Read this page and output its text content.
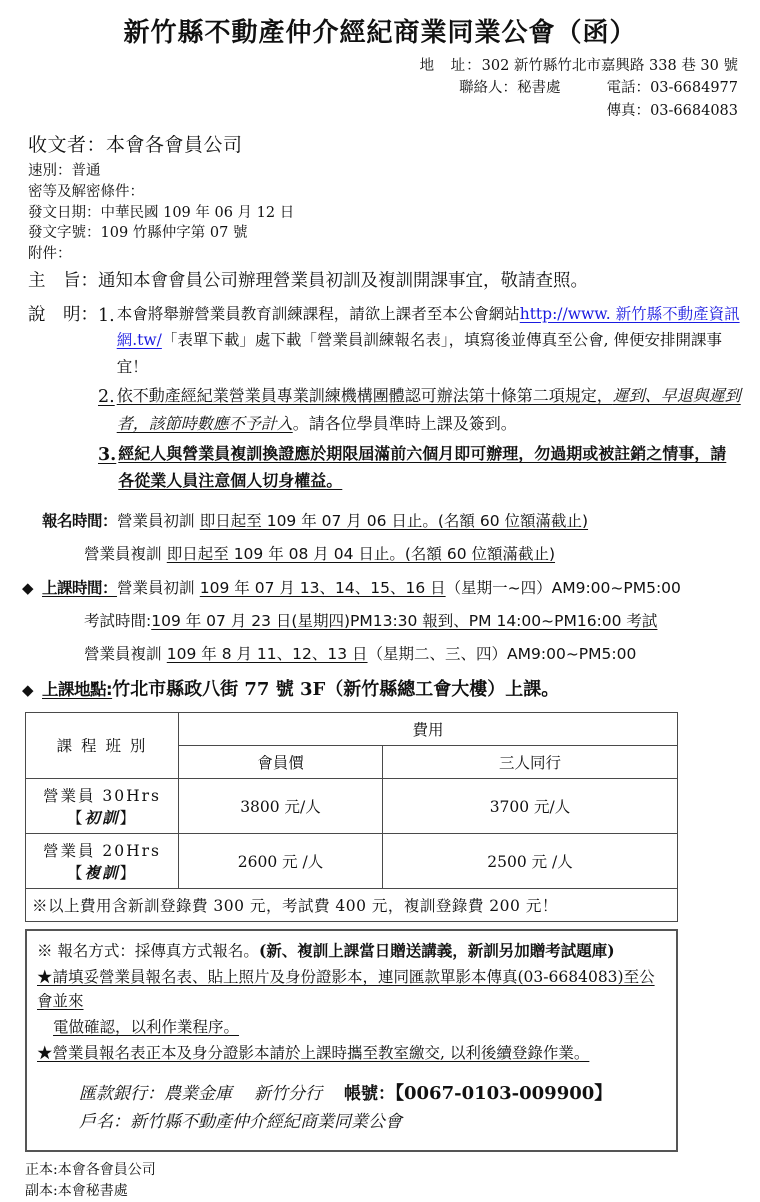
新竹縣不動產仲介經紀商業同業公會（函）
地　址：302 新竹縣竹北市嘉興路 338 巷 30 號
聯絡人：秘書處	電話：03-6684977
傳真：03-6684083
收文者：本會各會員公司
速別：普通
密等及解密條件：
發文日期：中華民國 109 年 06 月 12 日
發文字號：109 竹縣仲字第 07 號
附件：
主　旨： 通知本會會員公司辦理營業員初訓及複訓開課事宜，敬請查照。
說　明： 1. 本會將舉辦營業員教育訓練課程，請欲上課者至本公會網站http://www. 新竹縣不動產資訊網.tw/「表單下載」處下載「營業員訓練報名表」，填寫後並傳真至公會, 俾便安排開課事宜！
2. 依不動產經紀業營業員專業訓練機構團體認可辦法第十條第二項規定，遲到、早退與遲到者，該節時數應不予計入。請各位學員準時上課及簽到。
3. 經紀人與營業員複訓換證應於期限屆滿前六個月即可辦理，勿過期或被註銷之情事，請各從業人員注意個人切身權益。
報名時間： 營業員初訓
即日起至 109 年 07 月 06 日止。(名額 60 位額滿截止)
營業員複訓
即日起至 109 年 08 月 04 日止。(名額 60 位額滿截止)
◆ 上課時間： 營業員初訓
109 年 07 月 13、14、15、16 日 （星期一~四）AM9:00~PM5:00
考試時間: 109 年 07 月 23 日(星期四)PM13:30 報到、PM 14:00~PM16:00 考試
營業員複訓
109 年 8 月 11、12、13 日 （星期二、三、四）AM9:00~PM5:00
◆ 上課地點: 竹北市縣政八街 77 號 3F（新竹縣總工會大樓）上課。
課 程 班 別	費用	
	會員價	三人同行
營業員 30Hrs【初訓】	3800 元/人	3700 元/人
營業員 20Hrs【複訓】	2600 元 /人	2500 元 /人
※以上費用含新訓登錄費 300 元，考試費 400 元，複訓登錄費 200 元！		
※ 報名方式：採傳真方式報名。(新、複訓上課當日贈送講義，新訓另加贈考試題庫)
★請填妥營業員報名表、貼上照片及身份證影本，連同匯款單影本傳真(03-6684083)至公會並來
電做確認，以利作業程序。
★營業員報名表正本及身分證影本請於上課時攜至教室繳交, 以利後續登錄作業。
匯款銀行：農業金庫 新竹分行 帳號：【0067-0103-009900】
戶名：新竹縣不動產仲介經紀商業同業公會
正本:本會各會員公司
副本:本會秘書處
